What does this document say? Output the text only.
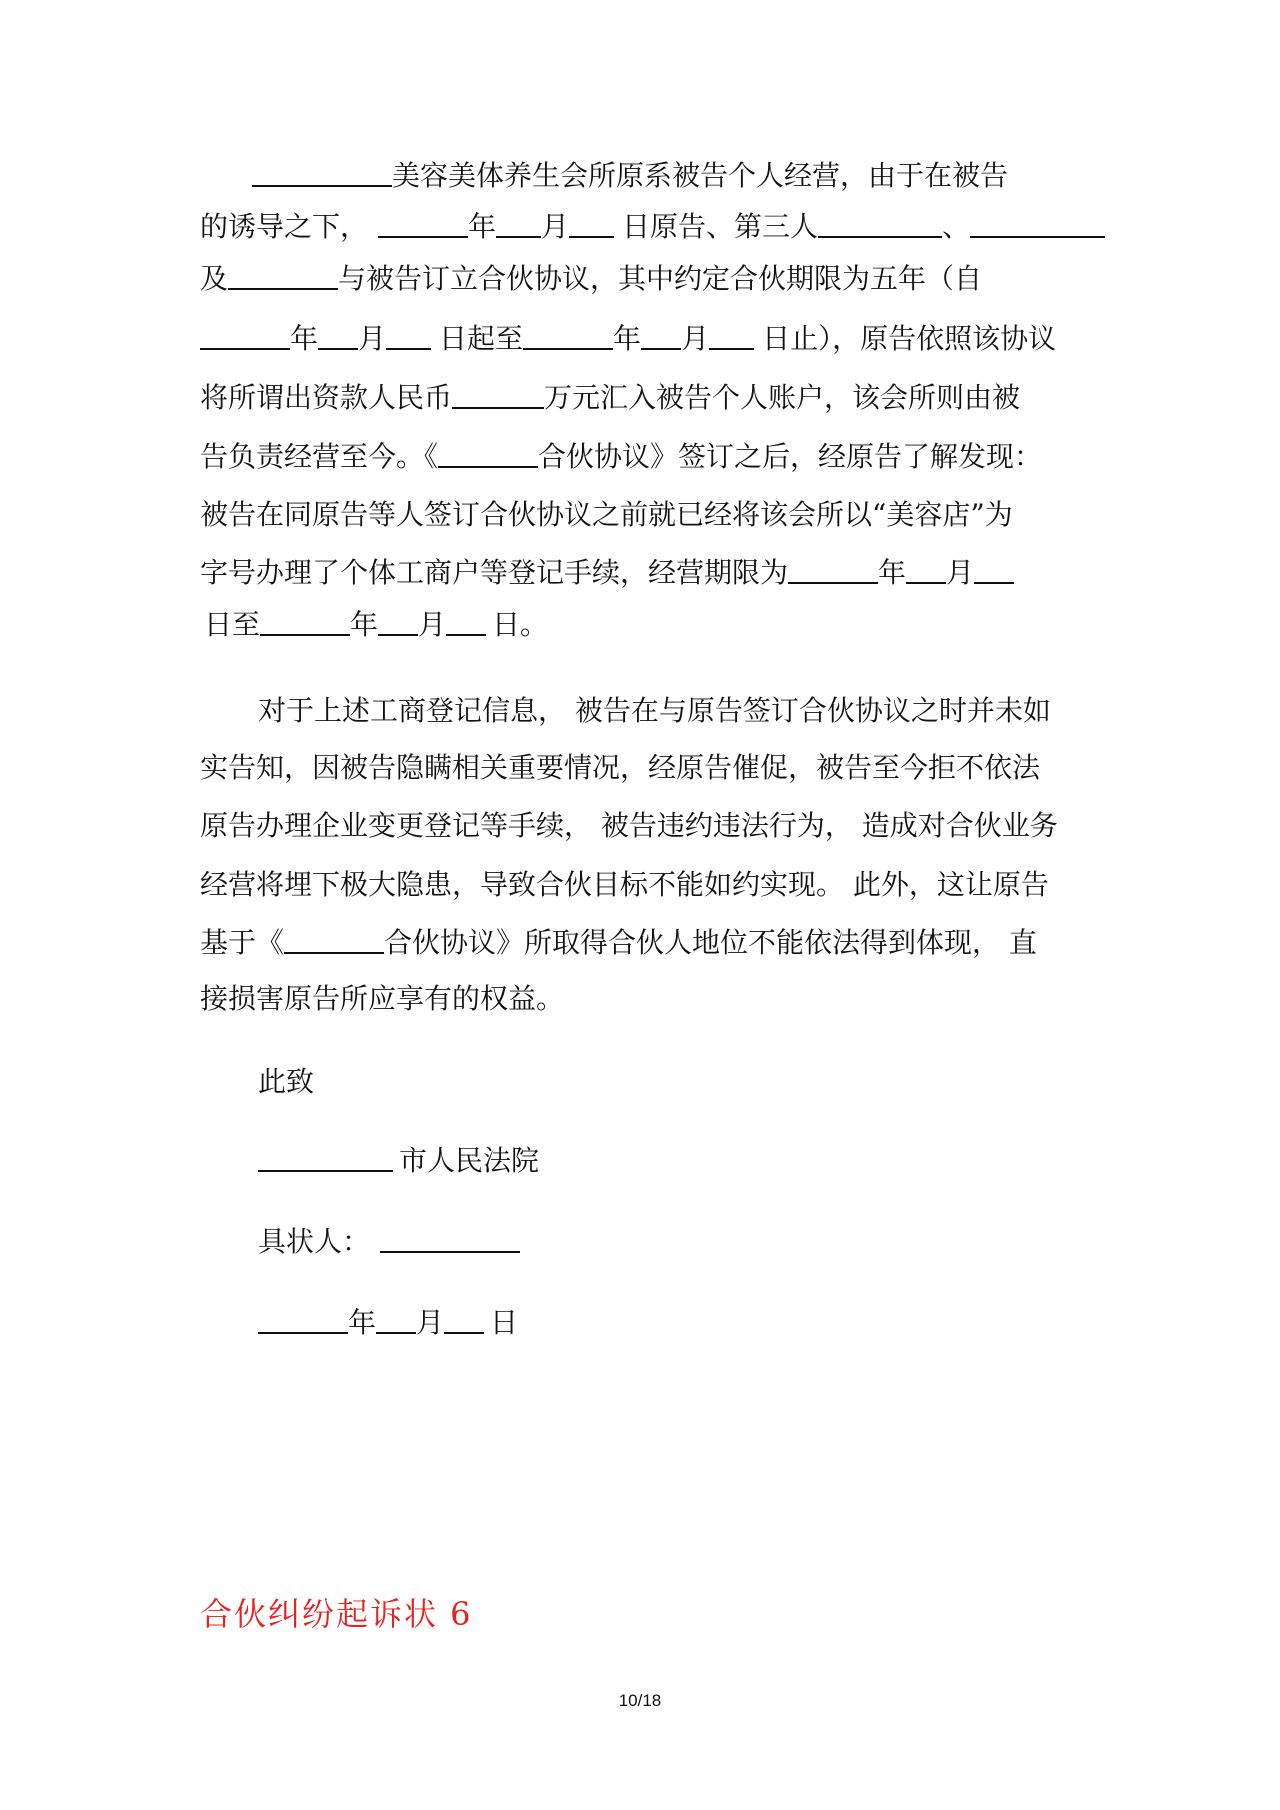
美容美体养生会所原系被告个人经营，由于在被告
的诱导之下，	年 月 日原告、第三人	、
及	与被告订立合伙协议，其中约定合伙期限为五年（自
年 月 日起至	年 月 日止），原告依照该协议
将所谓出资款人民币	万元汇入被告个人账户，该会所则由被
告负责经营至今。《	合伙协议》签订之后，经原告了解发现：
被告在同原告等人签订合伙协议之前就已经将该会所以“美容店”为
字号办理了个体工商户等登记手续，经营期限为	年 月
日至	年 月 日。
对于上述工商登记信息， 被告在与原告签订合伙协议之时并未如
实告知，因被告隐瞒相关重要情况，经原告催促，被告至今拒不依法
原告办理企业变更登记等手续， 被告违约违法行为， 造成对合伙业务
经营将埋下极大隐患，导致合伙目标不能如约实现。 此外，这让原告
基于《	合伙协议》所取得合伙人地位不能依法得到体现， 直
接损害原告所应享有的权益。
此致
市人民法院
具状人：
年 月 日
合伙纠纷起诉状 6
10/18
